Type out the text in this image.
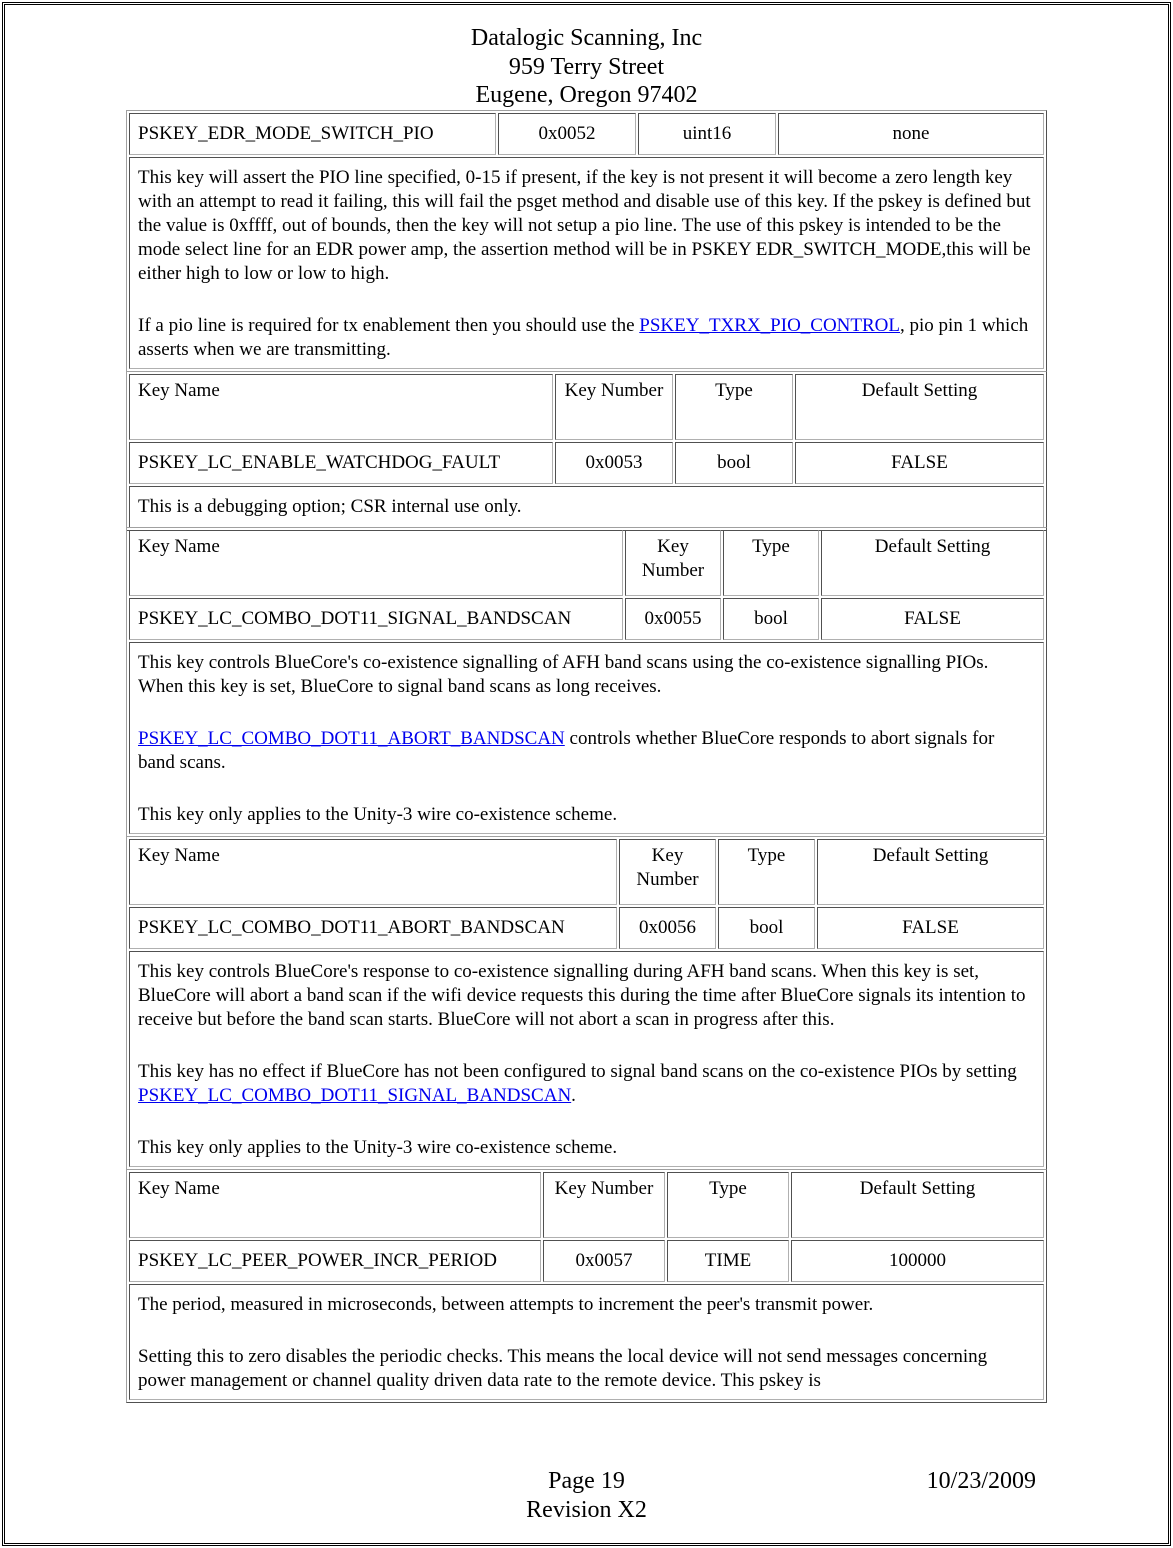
Datalogic Scanning, Inc
959 Terry Street
Eugene, Oregon 97402
PSKEY_EDR_MODE_SWITCH_PIO	0x0052	uint16	none

This key will assert the PIO line specified, 0-15 if present, if the key is not present it will become a zero length key with an attempt to read it failing, this will fail the psget method and disable use of this key. If the pskey is defined but the value is 0xffff, out of bounds, then the key will not setup a pio line. The use of this pskey is intended to be the mode select line for an EDR power amp, the assertion method will be in PSKEY EDR_SWITCH_MODE,this will be either high to low or low to high.

If a pio line is required for tx enablement then you should use the PSKEY_TXRX_PIO_CONTROL, pio pin 1 which asserts when we are transmitting.

Key Name	Key Number	Type	Default Setting
PSKEY_LC_ENABLE_WATCHDOG_FAULT	0x0053	bool	FALSE
This is a debugging option; CSR internal use only.			
Key Name	Key Number	Type	Default Setting
PSKEY_LC_COMBO_DOT11_SIGNAL_BANDSCAN	0x0055	bool	FALSE

This key controls BlueCore's co-existence signalling of AFH band scans using the co-existence signalling PIOs. When this key is set, BlueCore to signal band scans as long receives.

PSKEY_LC_COMBO_DOT11_ABORT_BANDSCAN controls whether BlueCore responds to abort signals for band scans.

This key only applies to the Unity-3 wire co-existence scheme.			

Key Name	Key Number	Type	Default Setting
PSKEY_LC_COMBO_DOT11_ABORT_BANDSCAN	0x0056	bool	FALSE

This key controls BlueCore's response to co-existence signalling during AFH band scans. When this key is set, BlueCore will abort a band scan if the wifi device requests this during the time after BlueCore signals its intention to receive but before the band scan starts. BlueCore will not abort a scan in progress after this.

This key has no effect if BlueCore has not been configured to signal band scans on the co-existence PIOs by setting PSKEY_LC_COMBO_DOT11_SIGNAL_BANDSCAN.

This key only applies to the Unity-3 wire co-existence scheme.			

Key Name	Key Number	Type	Default Setting
PSKEY_LC_PEER_POWER_INCR_PERIOD	0x0057	TIME	100000

The period, measured in microseconds, between attempts to increment the peer's transmit power.

Setting this to zero disables the periodic checks. This means the local device will not send messages concerning power management or channel quality driven data rate to the remote device. This pskey is			

Page 19	10/23/2009
Revision X2
